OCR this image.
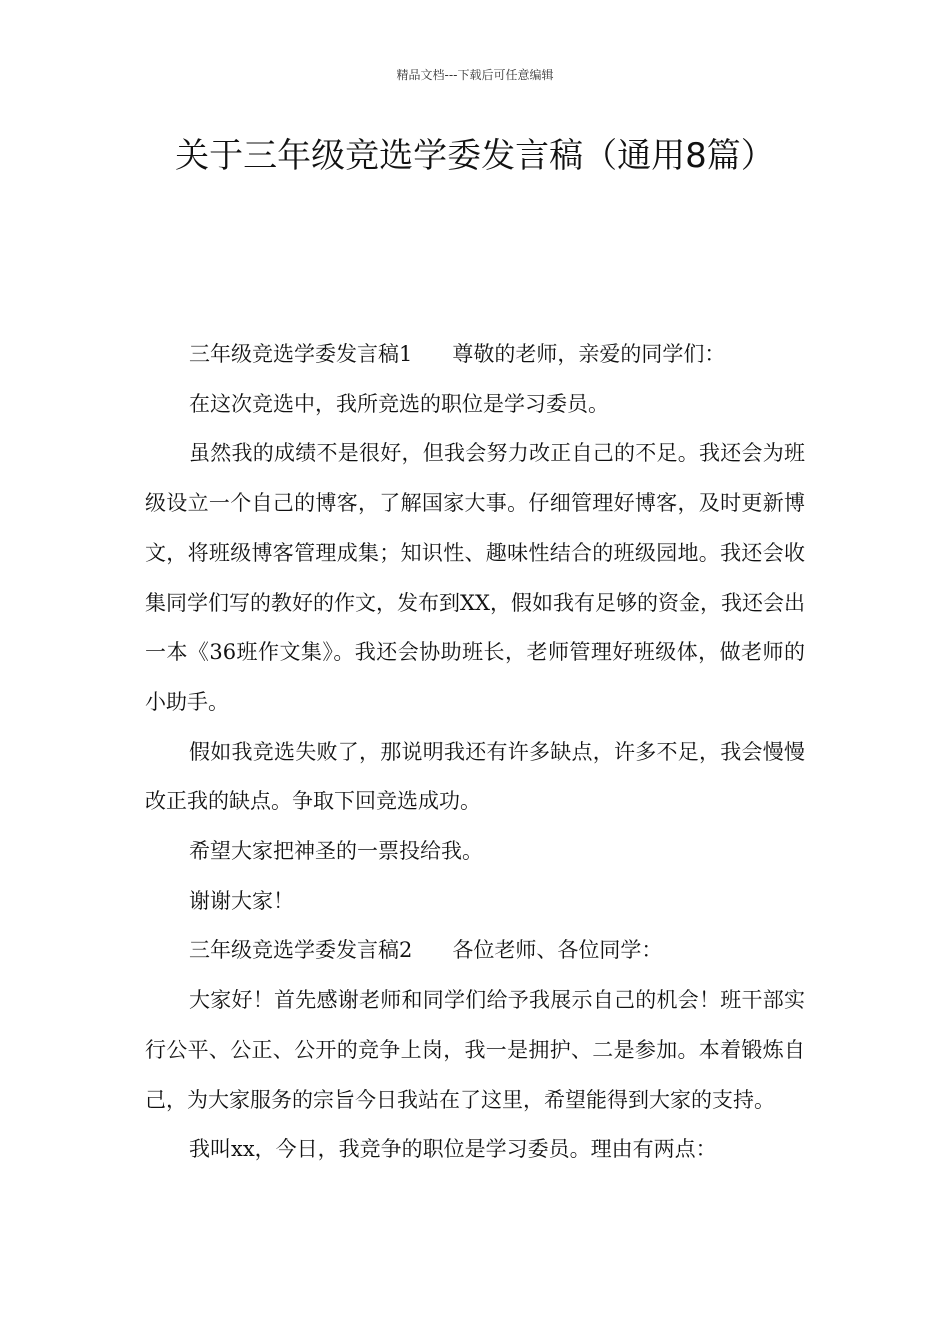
精品文档---下载后可任意编辑
关于三年级竞选学委发言稿（通用8篇）

三年级竞选学委发言稿1 尊敬的老师，亲爱的同学们：

在这次竞选中，我所竞选的职位是学习委员。

虽然我的成绩不是很好，但我会努力改正自己的不足。我还会为班级设立一个自己的博客，了解国家大事。仔细管理好博客，及时更新博文，将班级博客管理成集；知识性、趣味性结合的班级园地。我还会收集同学们写的教好的作文，发布到XX，假如我有足够的资金，我还会出一本《36班作文集》。我还会协助班长，老师管理好班级体，做老师的小助手。

假如我竞选失败了，那说明我还有许多缺点，许多不足，我会慢慢改正我的缺点。争取下回竞选成功。

希望大家把神圣的一票投给我。

谢谢大家！

三年级竞选学委发言稿2 各位老师、各位同学：

大家好！首先感谢老师和同学们给予我展示自己的机会！班干部实行公平、公正、公开的竞争上岗，我一是拥护、二是参加。本着锻炼自己，为大家服务的宗旨今日我站在了这里，希望能得到大家的支持。

我叫xx，今日，我竞争的职位是学习委员。理由有两点：
